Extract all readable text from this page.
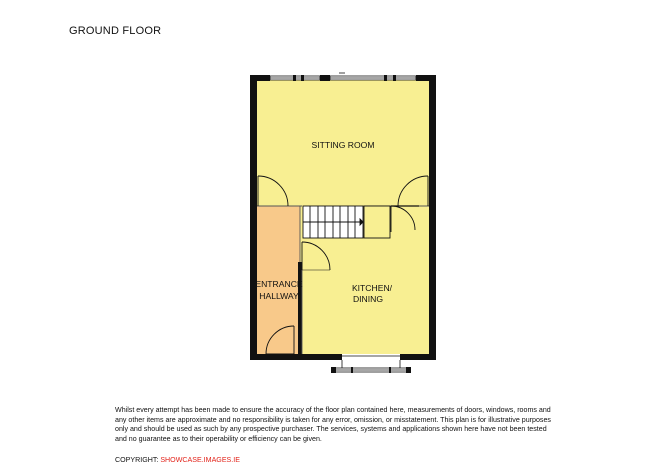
GROUND FLOOR
SITTING ROOM
ENTRANCE
HALLWAY
KITCHEN/
DINING

Whilst every attempt has been made to ensure the accuracy of the floor plan contained here, measurements of doors, windows, rooms and any other items are approximate and no responsibility is taken for any error, omission, or misstatement. This plan is for illustrative purposes only and should be used as such by any prospective purchaser. The services, systems and applications shown here have not been tested and no guarantee as to their operability or efficiency can be given.

COPYRIGHT: SHOWCASE.IMAGES.IE
